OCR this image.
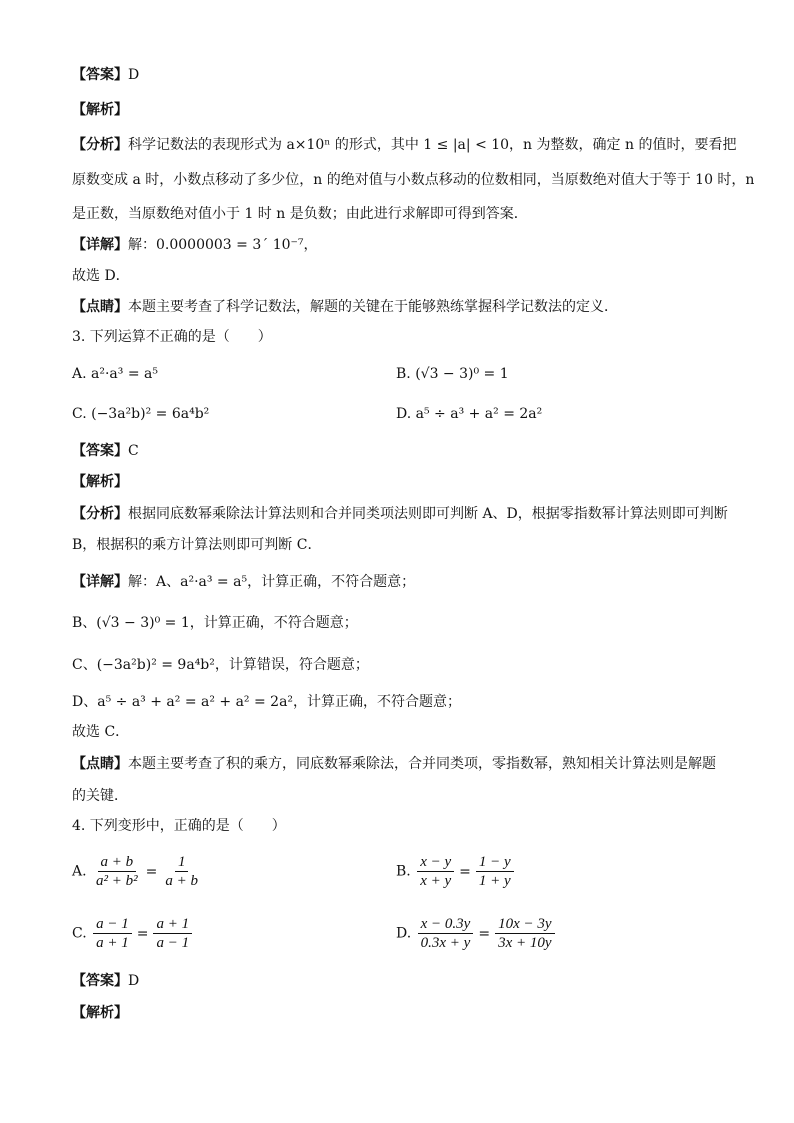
【答案】D
【解析】
【分析】科学记数法的表现形式为 a×10ⁿ 的形式，其中 1 ≤ |a| < 10，n 为整数，确定 n 的值时，要看把
原数变成 a 时，小数点移动了多少位，n 的绝对值与小数点移动的位数相同，当原数绝对值大于等于 10 时，n
是正数，当原数绝对值小于 1 时 n 是负数；由此进行求解即可得到答案．
【详解】解：0.0000003 = 3´ 10⁻⁷，
故选 D．
【点睛】本题主要考查了科学记数法，解题的关键在于能够熟练掌握科学记数法的定义．
3. 下列运算不正确的是（　　）
A. a²·a³ = a⁵	B. (√3 − 3)⁰ = 1
C. (−3a²b)² = 6a⁴b²	D. a⁵ ÷ a³ + a² = 2a²
【答案】C
【解析】
【分析】根据同底数幂乘除法计算法则和合并同类项法则即可判断 A、D，根据零指数幂计算法则即可判断
B，根据积的乘方计算法则即可判断 C．
【详解】解：A、a²·a³ = a⁵，计算正确，不符合题意；
B、(√3 − 3)⁰ = 1，计算正确，不符合题意；
C、(−3a²b)² = 9a⁴b²，计算错误，符合题意；
D、a⁵ ÷ a³ + a² = a² + a² = 2a²，计算正确，不符合题意；
故选 C．
【点睛】本题主要考查了积的乘方，同底数幂乘除法，合并同类项，零指数幂，熟知相关计算法则是解题
的关键．
4. 下列变形中，正确的是（　　）
A. $\frac{a + b}{\text{a² + b²}} = \frac{1}{a + b}$	B. $\frac{x - y}{x + y} = \frac{1 - y}{1 + y}$
C. $\frac{a - 1}{a + 1} = \frac{a + 1}{a - 1}$	D. $\frac{x - 0.3y}{0.3x + y} = \frac{10x - 3y}{3x + 10y}$
【答案】D
【解析】
